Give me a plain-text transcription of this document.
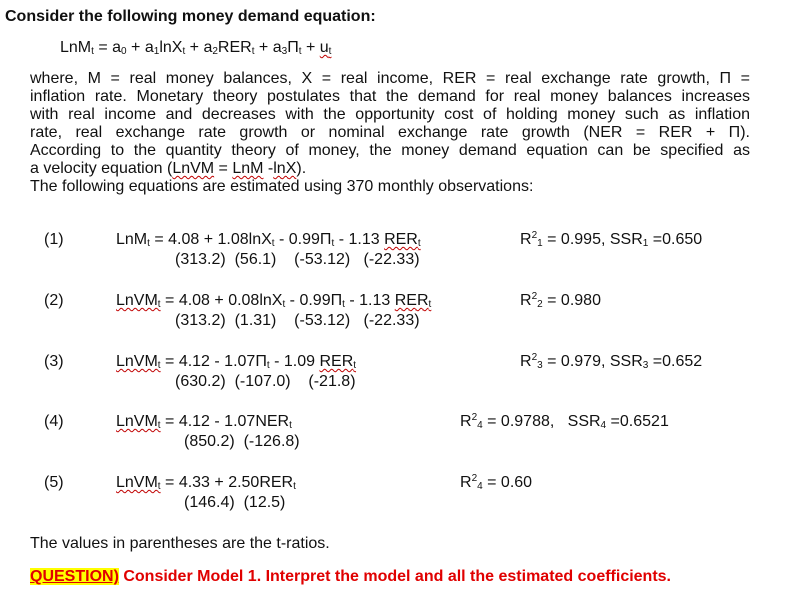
Consider the following money demand equation:
$LnM_t = a_0 + a_1\ln X_t + a_2RER_t + a_3\Pi_t + u_t$
where, M = real money balances, X = real income, RER = real exchange rate growth, Π =
inflation rate. Monetary theory postulates that the demand for real money balances increases
with real income and decreases with the opportunity cost of holding money such as inflation
rate, real exchange rate growth or nominal exchange rate growth (NER = RER + Π).
According to the quantity theory of money, the money demand equation can be specified as
a velocity equation (LnVM = LnM -lnX).
The following equations are estimated using 370 monthly observations:
(1)	$LnM_t = 4.08 + 1.08\ln X_t - 0.99\Pi_t - 1.13$ $RER_t$
(313.2)  (56.1)    (-53.12)   (-22.33)
$R^2_1 = 0.995$, $SSR_1 =0.650$
(2)	LnVM$_t$ = $4.08 + 0.08\ln X_t - 0.99\Pi_t - 1.13$ $RER_t$
(313.2)  (1.31)    (-53.12)   (-22.33)
$R^2_2 = 0.980$
(3)	LnVM$_t$ = $4.12 - 1.07\Pi_t - 1.09$ $RER_t$
(630.2)  (-107.0)    (-21.8)
$R^2_3 = 0.979$, $SSR_3 =0.652$
(4)	LnVM$_t$ = $4.12 - 1.07NER_t$
(850.2)  (-126.8)
$R^2_4 = 0.9788$,   $SSR_4 =0.6521$
(5)	LnVM$_t$ = $4.33 + 2.50RER_t$
(146.4)  (12.5)
$R^2_4 = 0.60$
The values in parentheses are the t-ratios.
QUESTION) Consider Model 1. Interpret the model and all the estimated coefficients.
